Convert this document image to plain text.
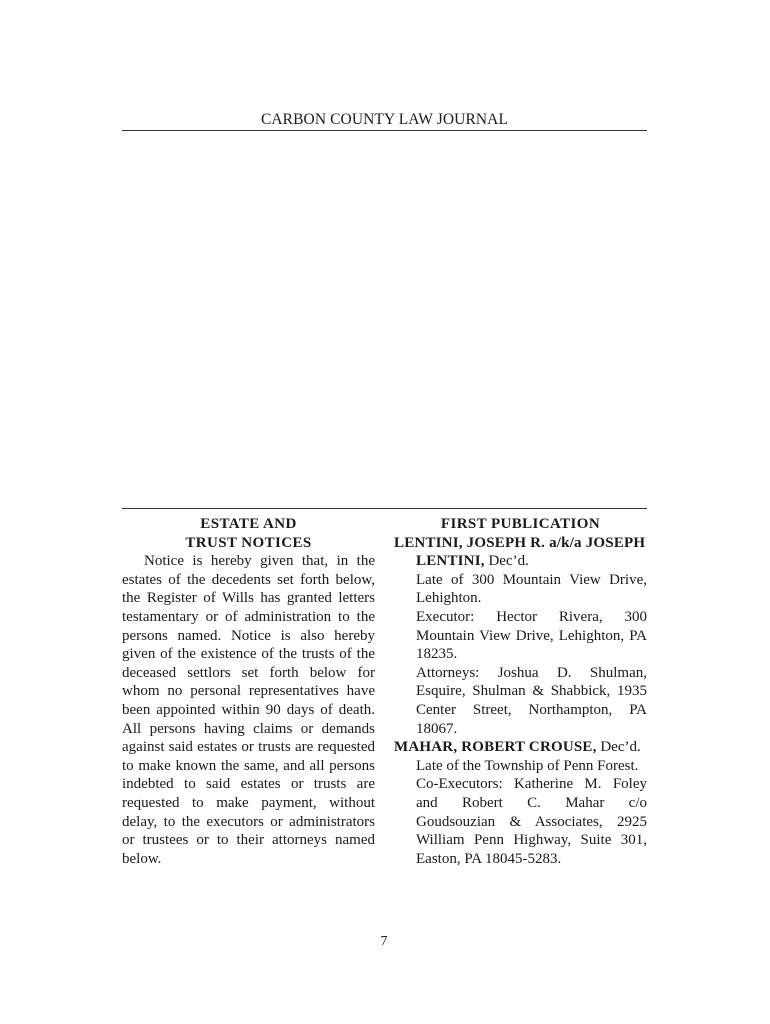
CARBON COUNTY LAW JOURNAL
ESTATE AND
TRUST NOTICES

Notice is hereby given that, in the estates of the decedents set forth below, the Register of Wills has granted letters testamentary or of administration to the persons named. Notice is also hereby given of the existence of the trusts of the deceased settlors set forth below for whom no personal representatives have been appointed within 90 days of death. All persons having claims or demands against said estates or trusts are requested to make known the same, and all persons indebted to said estates or trusts are requested to make payment, without delay, to the executors or administrators or trustees or to their attorneys named below.

FIRST PUBLICATION

LENTINI, JOSEPH R. a/k/a JOSEPH LENTINI, Dec’d.

Late of 300 Mountain View Drive, Lehighton.

Executor: Hector Rivera, 300 Mountain View Drive, Lehighton, PA 18235.

Attorneys: Joshua D. Shulman, Esquire, Shulman & Shabbick, 1935 Center Street, Northampton, PA 18067.

MAHAR, ROBERT CROUSE, Dec’d.

Late of the Township of Penn Forest.

Co-Executors: Katherine M. Foley and Robert C. Mahar c/o Goudsouzian & Associates, 2925 William Penn Highway, Suite 301, Easton, PA 18045-5283.

7
